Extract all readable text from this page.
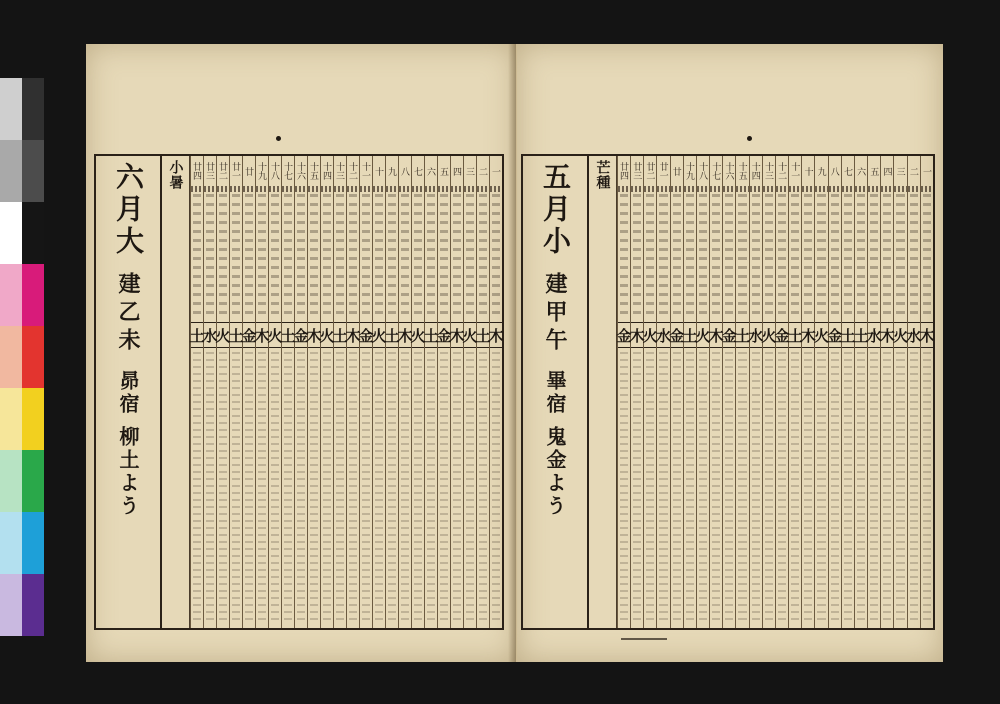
六月大
建乙未
昴宿
柳土よう
小暑	一
木
二
土
三
火
四
木
五
金
六
土
七
火
八
木
九
土
十
火
十一
金
十二
木
十三
土
十四
火
十五
木
十六
金
十七
土
十八
火
十九
木
廿
金
廿一
土
廿二
火
廿三
水
廿四
土
五月小
建甲午
畢宿
鬼金よう
芒種	一
木
二
水
三
火
四
木
五
水
六
土
七
土
八
金
九
火
十
木
十一
土
十二
金
十三
火
十四
水
十五
土
十六
金
十七
木
十八
火
十九
土
廿
金
廿一
水
廿二
火
廿三
木
廿四
金
